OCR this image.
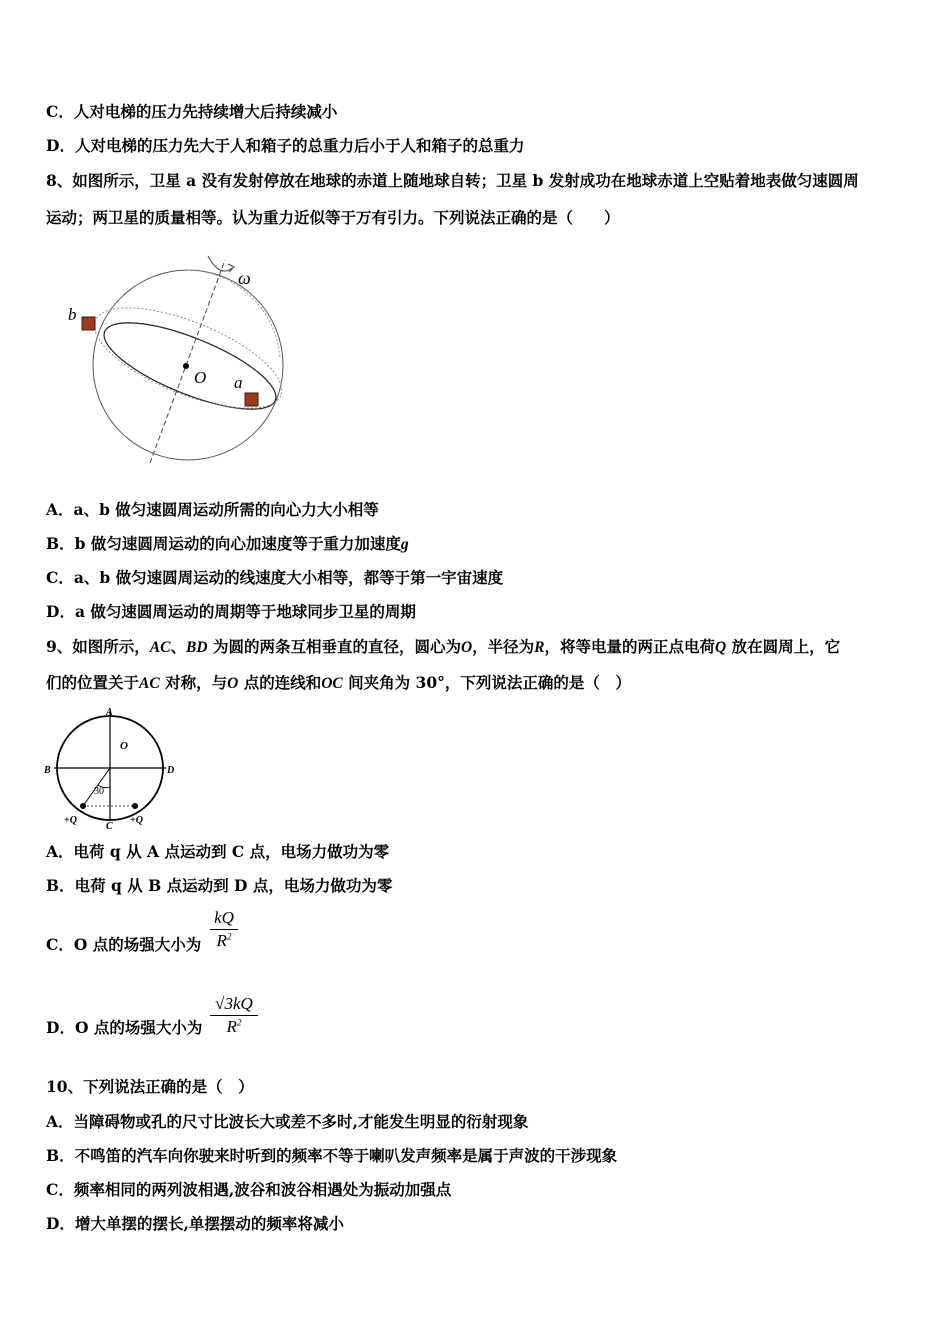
C．人对电梯的压力先持续增大后持续减小
D．人对电梯的压力先大于人和箱子的总重力后小于人和箱子的总重力
8、如图所示，卫星 a 没有发射停放在地球的赤道上随地球自转；卫星 b 发射成功在地球赤道上空贴着地表做匀速圆周
运动；两卫星的质量相等。认为重力近似等于万有引力。下列说法正确的是（　　）
b
O a
ω
A．a、b 做匀速圆周运动所需的向心力大小相等
B．b 做匀速圆周运动的向心加速度等于重力加速度g
C．a、b 做匀速圆周运动的线速度大小相等，都等于第一宇宙速度
D．a 做匀速圆周运动的周期等于地球同步卫星的周期
9、如图所示，AC、BD 为圆的两条互相垂直的直径，圆心为O，半径为R，将等电量的两正点电荷Q 放在圆周上，它
们的位置关于AC 对称，与O 点的连线和OC 间夹角为 30°，下列说法正确的是（　）
A
O
B	D
30
C
+Q	+Q
A．电荷 q 从 A 点运动到 C 点，电场力做功为零
B．电荷 q 从 B 点运动到 D 点，电场力做功为零
C．O 点的场强大小为
kQ
$R^2$
D．O 点的场强大小为
√3kQ
$R^2$
10、下列说法正确的是（　）
A．当障碍物或孔的尺寸比波长大或差不多时,才能发生明显的衍射现象
B．不鸣笛的汽车向你驶来时听到的频率不等于喇叭发声频率是属于声波的干涉现象
C．频率相同的两列波相遇,波谷和波谷相遇处为振动加强点
D．增大单摆的摆长,单摆摆动的频率将减小
